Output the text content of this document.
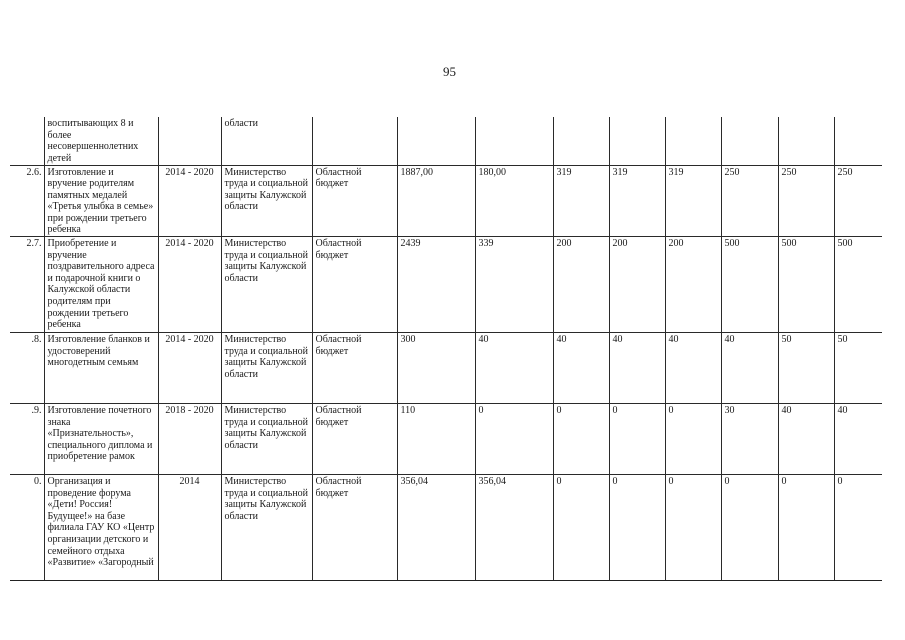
95
	воспитывающих 8 и более несовершеннолетних детей		области									
2.6.	Изготовление и вручение родителям памятных медалей «Третья улыбка в семье» при рождении третьего ребенка	2014 - 2020	Министерство труда и социальной защиты Калужской области	Областной бюджет	1887,00	180,00	319	319	319	250	250	250
2.7.	Приобретение и вручение поздравительного адреса и подарочной книги о Калужской области родителям при рождении третьего ребенка	2014 - 2020	Министерство труда и социальной защиты Калужской области	Областной бюджет	2439	339	200	200	200	500	500	500
.8.	Изготовление бланков и удостоверений многодетным семьям	2014 - 2020	Министерство труда и социальной защиты Калужской области	Областной бюджет	300	40	40	40	40	40	50	50
.9.	Изготовление почетного знака «Признательность», специального диплома и приобретение рамок	2018 - 2020	Министерство труда и социальной защиты Калужской области	Областной бюджет	110	0	0	0	0	30	40	40
0.	Организация и проведение форума «Дети! Россия! Будущее!» на базе филиала ГАУ КО «Центр организации детского и семейного отдыха «Развитие» «Загородный	2014	Министерство труда и социальной защиты Калужской области	Областной бюджет	356,04	356,04	0	0	0	0	0	0
